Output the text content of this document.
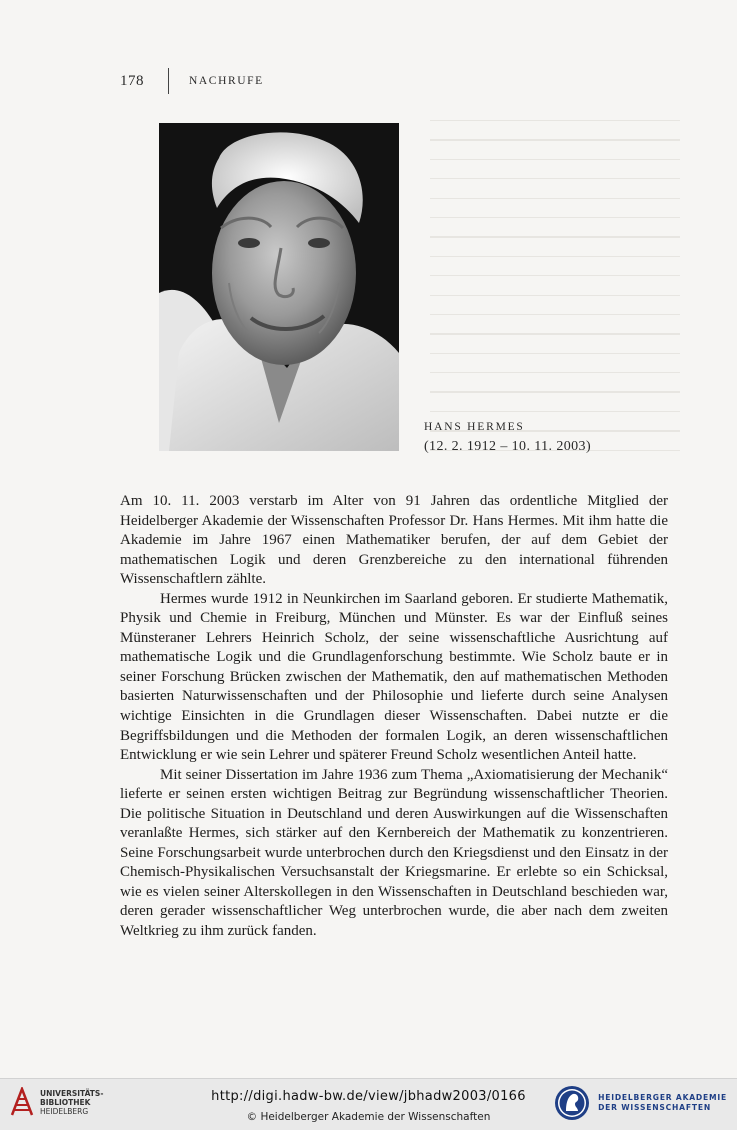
178	NACHRUFE
HANS HERMES
(12. 2. 1912 – 10. 11. 2003)

Am 10. 11. 2003 verstarb im Alter von 91 Jahren das ordentliche Mitglied der Heidelberger Akademie der Wissenschaften Professor Dr. Hans Hermes. Mit ihm hatte die Akademie im Jahre 1967 einen Mathematiker berufen, der auf dem Gebiet der mathematischen Logik und deren Grenzbereiche zu den international führenden Wissenschaftlern zählte.

Hermes wurde 1912 in Neunkirchen im Saarland geboren. Er studierte Mathematik, Physik und Chemie in Freiburg, München und Münster. Es war der Einfluß seines Münsteraner Lehrers Heinrich Scholz, der seine wissenschaftliche Ausrichtung auf mathematische Logik und die Grundlagenforschung bestimmte. Wie Scholz baute er in seiner Forschung Brücken zwischen der Mathematik, den auf mathematischen Methoden basierten Naturwissenschaften und der Philosophie und lieferte durch seine Analysen wichtige Einsichten in die Grundlagen dieser Wissenschaften. Dabei nutzte er die Begriffsbildungen und die Methoden der formalen Logik, an deren wissenschaftlichen Entwicklung er wie sein Lehrer und späterer Freund Scholz wesentlichen Anteil hatte.

Mit seiner Dissertation im Jahre 1936 zum Thema „Axiomatisierung der Mechanik“ lieferte er seinen ersten wichtigen Beitrag zur Begründung wissenschaftlicher Theorien. Die politische Situation in Deutschland und deren Auswirkungen auf die Wissenschaften veranlaßte Hermes, sich stärker auf den Kernbereich der Mathematik zu konzentrieren. Seine Forschungsarbeit wurde unterbrochen durch den Kriegsdienst und den Einsatz in der Chemisch-Physikalischen Versuchsanstalt der Kriegsmarine. Er erlebte so ein Schicksal, wie es vielen seiner Alterskollegen in den Wissenschaften in Deutschland beschieden war, deren gerader wissenschaftlicher Weg unterbrochen wurde, die aber nach dem zweiten Weltkrieg zu ihm zurück fanden.

UNIVERSITÄTS-
BIBLIOTHEK
HEIDELBERG
http://digi.hadw-bw.de/view/jbhadw2003/0166
© Heidelberger Akademie der Wissenschaften
HEIDELBERGER AKADEMIE
DER WISSENSCHAFTEN
